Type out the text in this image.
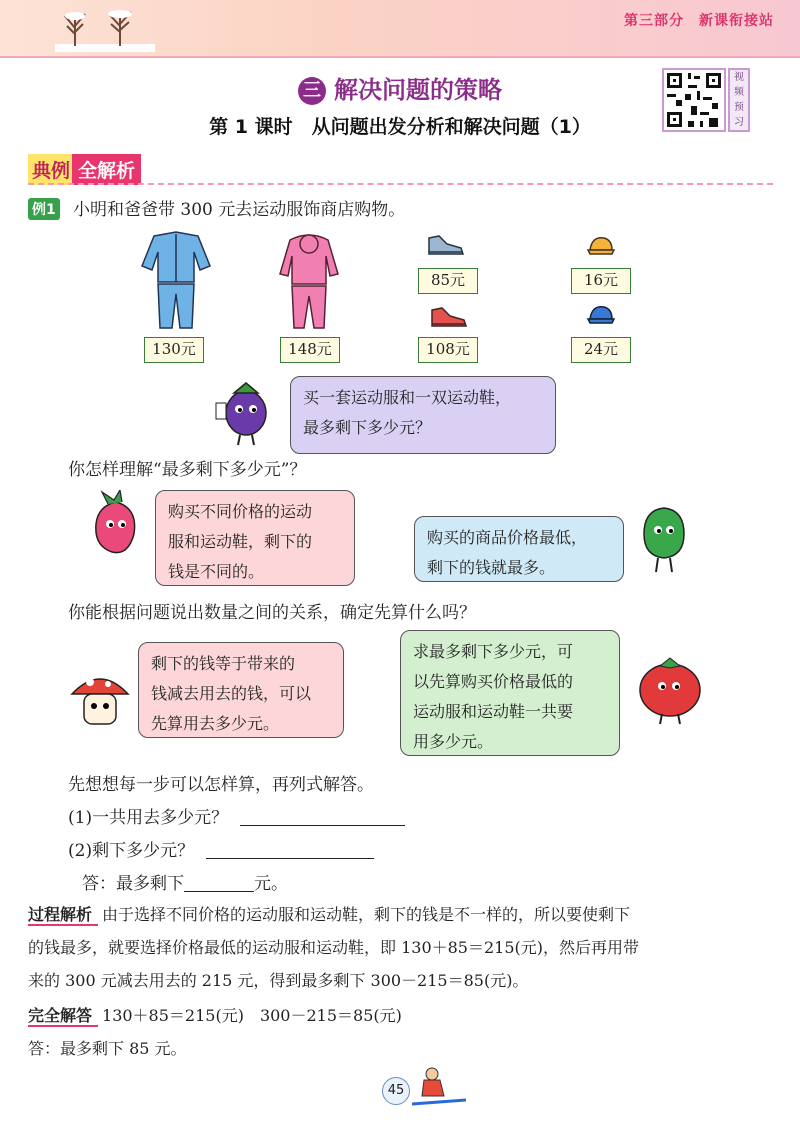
第三部分　新课衔接站
三 解决问题的策略
第 1 课时　从问题出发分析和解决问题（1）
视
频
预
习
典例 全解析
例1 小明和爸爸带 300 元去运动服饰商店购物。
130元	148元
85元
108元
16元
24元
买一套运动服和一双运动鞋，
最多剩下多少元？
你怎样理解“最多剩下多少元”？
购买不同价格的运动
服和运动鞋，剩下的
钱是不同的。
购买的商品价格最低，
剩下的钱就最多。
你能根据问题说出数量之间的关系，确定先算什么吗？
剩下的钱等于带来的
钱减去用去的钱，可以
先算用去多少元。
求最多剩下多少元，可
以先算购买价格最低的
运动服和运动鞋一共要
用多少元。
先想想每一步可以怎样算，再列式解答。
(1)一共用去多少元？
(2)剩下多少元？
答：最多剩下	元。
过程解析 由于选择不同价格的运动服和运动鞋，剩下的钱是不一样的，所以要使剩下
的钱最多，就要选择价格最低的运动服和运动鞋，即 130＋85＝215(元)，然后再用带
来的 300 元减去用去的 215 元，得到最多剩下 300－215＝85(元)。
完全解答 130＋85＝215(元)　300－215＝85(元)
答：最多剩下 85 元。
45
